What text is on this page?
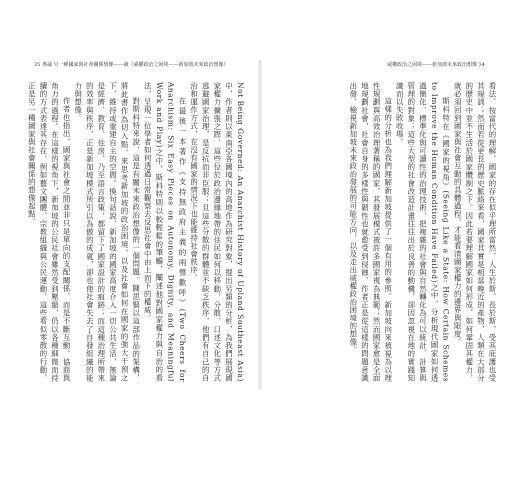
35 導論 另一種國家與社會關係想像——讀《威權政治之困境——新加坡未來政治想像》

Not Being Governed: An Anarchist History of Upland Southeast Asia)中，作者則以東南亞各國境內的高地作為研究對象，提出另類的分析，為我們展現國家權力擴張之際，這些位於政治邊緣地帶的住民如何以移動、分散、口述文化等方式逃避國家治理，是反抗而非臣服；且這些分散的群體並不缺乏秩序，他們有自己的自治和運作方式，在沒有國家的情況下也能維持社會秩序。

在最後一本著作《支持無政府主義的兩聲歡呼》(Two Cheers for Anarchism: Six Easy Pieces on Autonomy, Dignity, and Meaningful Work and Play)之中，斯科特則以較輕鬆的筆觸，闡述他對國家權力與自治的看法，呈現一位學者如何透過日常觀察去反思社會中由上而下的權威。

對斯科特來說，這是有關未來政治想像的一個問題。陳思賢以這部作品的架構，將此書作為切入點，來思考新加坡的政治困境，以及社會如何在國家的強大干預之下，維持或重建自主的空間。換句話說，新加坡的國家高度介入一切公共生活，無論是經濟、教育、住房、乃至語言政策，都留下了國家設計的痕跡；而這種治理所帶來的效率與秩序，正是新加坡模式所引以為傲的成就，卻也使社會失去了自發組織的能力與想像。

作者也指出，國家與社會之間並非只是單向的支配關係，而是不斷互動、協商與角力的過程。在這樣的視角下，新加坡的公民社會雖然受到壓縮，仍以各種細微而持續的方式表達其存在，例如藝文團體、宗教組織與公民運動，這些看似零散的行動，正是另一種國家與社會關係的想像起點。

威權政治之困境——新加坡未來政治想像 34

看法。按當代的理解，國家的存在似乎理所當然，人生於斯、長於斯，受其庇護也受其規訓；然而若從更長的歷史脈絡來看，國家其實是相當晚近的產物，人類在大部分的歷史中並不生活於國家體制之下。因此若要理解國家如何形成、如何鞏固其權力，就必須回到國家與社會互動的具體過程，才能看清國家權力的邊界與限度。

斯科特在《國家的視角》(Seeing Like a State: How Certain Schemes to Improve the Human Condition Have Failed)之中，分析現代國家如何透過簡化、標準化與可讀性的治理技術，把複雜的社會與自然轉化為可以統計、計算與管理的對象；這些大型的社會改造計畫往往出於良善的動機，卻因忽視在地的實踐知識而以失敗收場。

這樣的分析也為我們理解新加坡提供了一個有用的參照。新加坡向來被視為以理性規劃與高效治理著稱的國家，其發展模式被許多國家視為典範；然而國家愈是全面地規劃社會，社會自身的多樣性與韌性也就愈受到侵蝕。作者正是從這樣的問題意識出發，檢視新加坡未來政治發展的可能方向，以及走出威權政治困境的想像。
